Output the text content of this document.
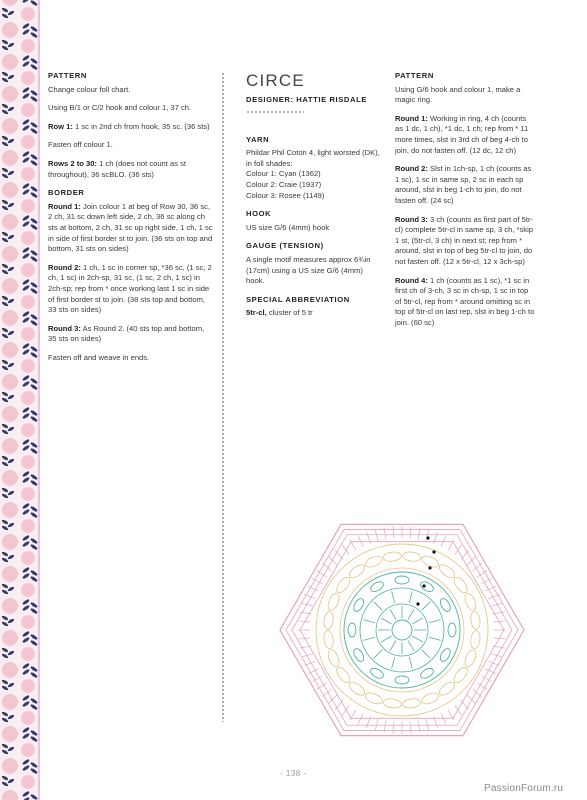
PATTERN
Change colour foll chart.
Using B/1 or C/2 hook and colour 1, 37 ch.
Row 1: 1 sc in 2nd ch from hook, 35 sc. (36 sts)
Fasten off colour 1.
Rows 2 to 30: 1 ch (does not count as st throughout), 36 scBLO. (36 sts)
BORDER
Round 1: Join colour 1 at beg of Row 30, 36 sc, 2 ch, 31 sc down left side, 2 ch, 36 sc along ch sts at bottom, 2 ch, 31 sc up right side, 1 ch, 1 sc in side of first border st to join. (36 sts on top and bottom, 31 sts on sides)
Round 2: 1 ch, 1 sc in corner sp, *36 sc, (1 sc, 2 ch, 1 sc) in 2ch-sp, 31 sc, (1 sc, 2 ch, 1 sc) in 2ch-sp; rep from * once working last 1 sc in side of first border st to join. (38 sts top and bottom, 33 sts on sides)
Round 3: As Round 2. (40 sts top and bottom, 35 sts on sides)
Fasten off and weave in ends.
CIRCE
DESIGNER: HATTIE RISDALE
YARN
Phildar Phil Coton 4, light worsted (DK), in foll shades:
Colour 1: Cyan (1362)
Colour 2: Craie (1937)
Colour 3: Rosee (1149)
HOOK
US size G/6 (4mm) hook
GAUGE (TENSION)
A single motif measures approx 6¾in (17cm) using a US size G/6 (4mm) hook.
SPECIAL ABBREVIATION
5tr-cl, cluster of 5 tr
PATTERN
Using G/6 hook and colour 1, make a magic ring.
Round 1: Working in ring, 4 ch (counts as 1 dc, 1 ch), *1 dc, 1 ch; rep from * 11 more times, slst in 3rd ch of beg 4-ch to join, do not fasten off. (12 dc, 12 ch)
Round 2: Slst in 1ch-sp, 1 ch (counts as 1 sc), 1 sc in same sp, 2 sc in each sp around, slst in beg 1-ch to join, do not fasten off. (24 sc)
Round 3: 3 ch (counts as first part of 5tr-cl) complete 5tr-cl in same sp, 3 ch, *skip 1 st, (5tr-cl, 3 ch) in next st; rep from * around, slst in top of beg 5tr-cl to join, do not fasten off. (12 x 5tr-cl, 12 x 3ch-sp)
Round 4: 1 ch (counts as 1 sc), *1 sc in first ch of 3-ch, 3 sc in ch-sp, 1 sc in top of 5tr-cl, rep from * around omitting sc in top of 5tr-cl on last rep, slst in beg 1-ch to join. (60 sc)
- 138 -
PassionForum.ru
